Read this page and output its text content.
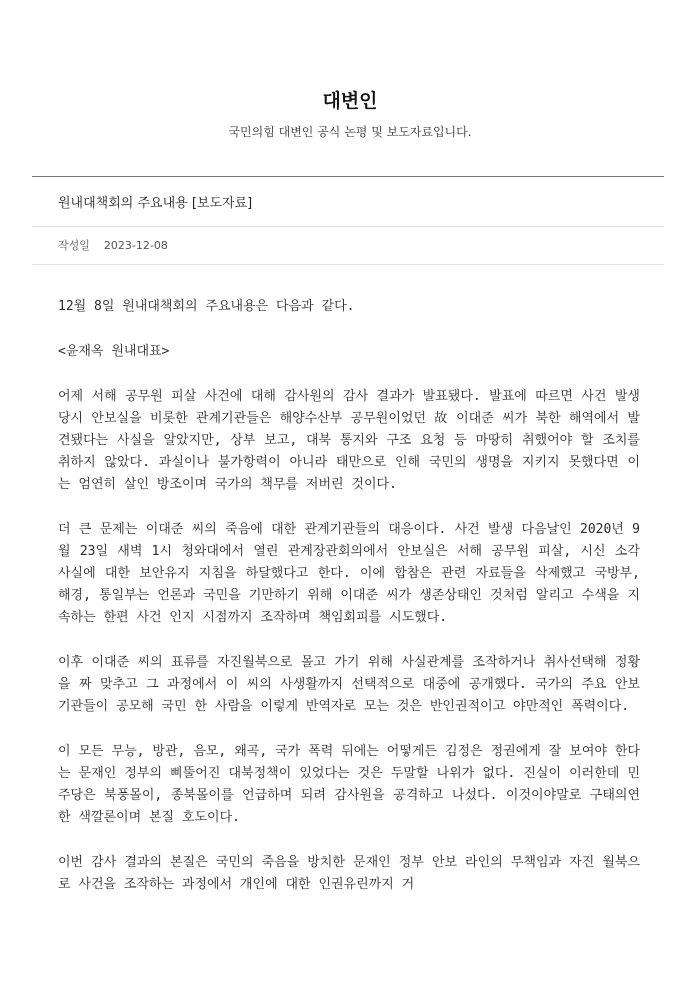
대변인
국민의힘 대변인 공식 논평 및 보도자료입니다.
원내대책회의 주요내용 [보도자료]
작성일 2023-12-08

12월 8일 원내대책회의 주요내용은 다음과 같다.

<윤재옥 원내대표>

어제 서해 공무원 피살 사건에 대해 감사원의 감사 결과가 발표됐다. 발표에 따르면 사건 발생 당시 안보실을 비롯한 관계기관들은 해양수산부 공무원이었던 故 이대준 씨가 북한 해역에서 발견됐다는 사실을 알았지만, 상부 보고, 대북 통지와 구조 요청 등 마땅히 취했어야 할 조치를 취하지 않았다. 과실이나 불가항력이 아니라 태만으로 인해 국민의 생명을 지키지 못했다면 이는 엄연히 살인 방조이며 국가의 책무를 저버린 것이다.

더 큰 문제는 이대준 씨의 죽음에 대한 관계기관들의 대응이다. 사건 발생 다음날인 2020년 9월 23일 새벽 1시 청와대에서 열린 관계장관회의에서 안보실은 서해 공무원 피살, 시신 소각 사실에 대한 보안유지 지침을 하달했다고 한다. 이에 합참은 관련 자료들을 삭제했고 국방부, 해경, 통일부는 언론과 국민을 기만하기 위해 이대준 씨가 생존상태인 것처럼 알리고 수색을 지속하는 한편 사건 인지 시점까지 조작하며 책임회피를 시도했다.

이후 이대준 씨의 표류를 자진월북으로 몰고 가기 위해 사실관계를 조작하거나 취사선택해 정황을 짜 맞추고 그 과정에서 이 씨의 사생활까지 선택적으로 대중에 공개했다. 국가의 주요 안보 기관들이 공모해 국민 한 사람을 이렇게 반역자로 모는 것은 반인권적이고 야만적인 폭력이다.

이 모든 무능, 방관, 음모, 왜곡, 국가 폭력 뒤에는 어떻게든 김정은 정권에게 잘 보여야 한다는 문재인 정부의 삐뚤어진 대북정책이 있었다는 것은 두말할 나위가 없다. 진실이 이러한데 민주당은 북풍몰이, 종북몰이를 언급하며 되려 감사원을 공격하고 나섰다. 이것이야말로 구태의연한 색깔론이며 본질 호도이다.

이번 감사 결과의 본질은 국민의 죽음을 방치한 문재인 정부 안보 라인의 무책임과 자진 월북으로 사건을 조작하는 과정에서 개인에 대한 인권유린까지 거
